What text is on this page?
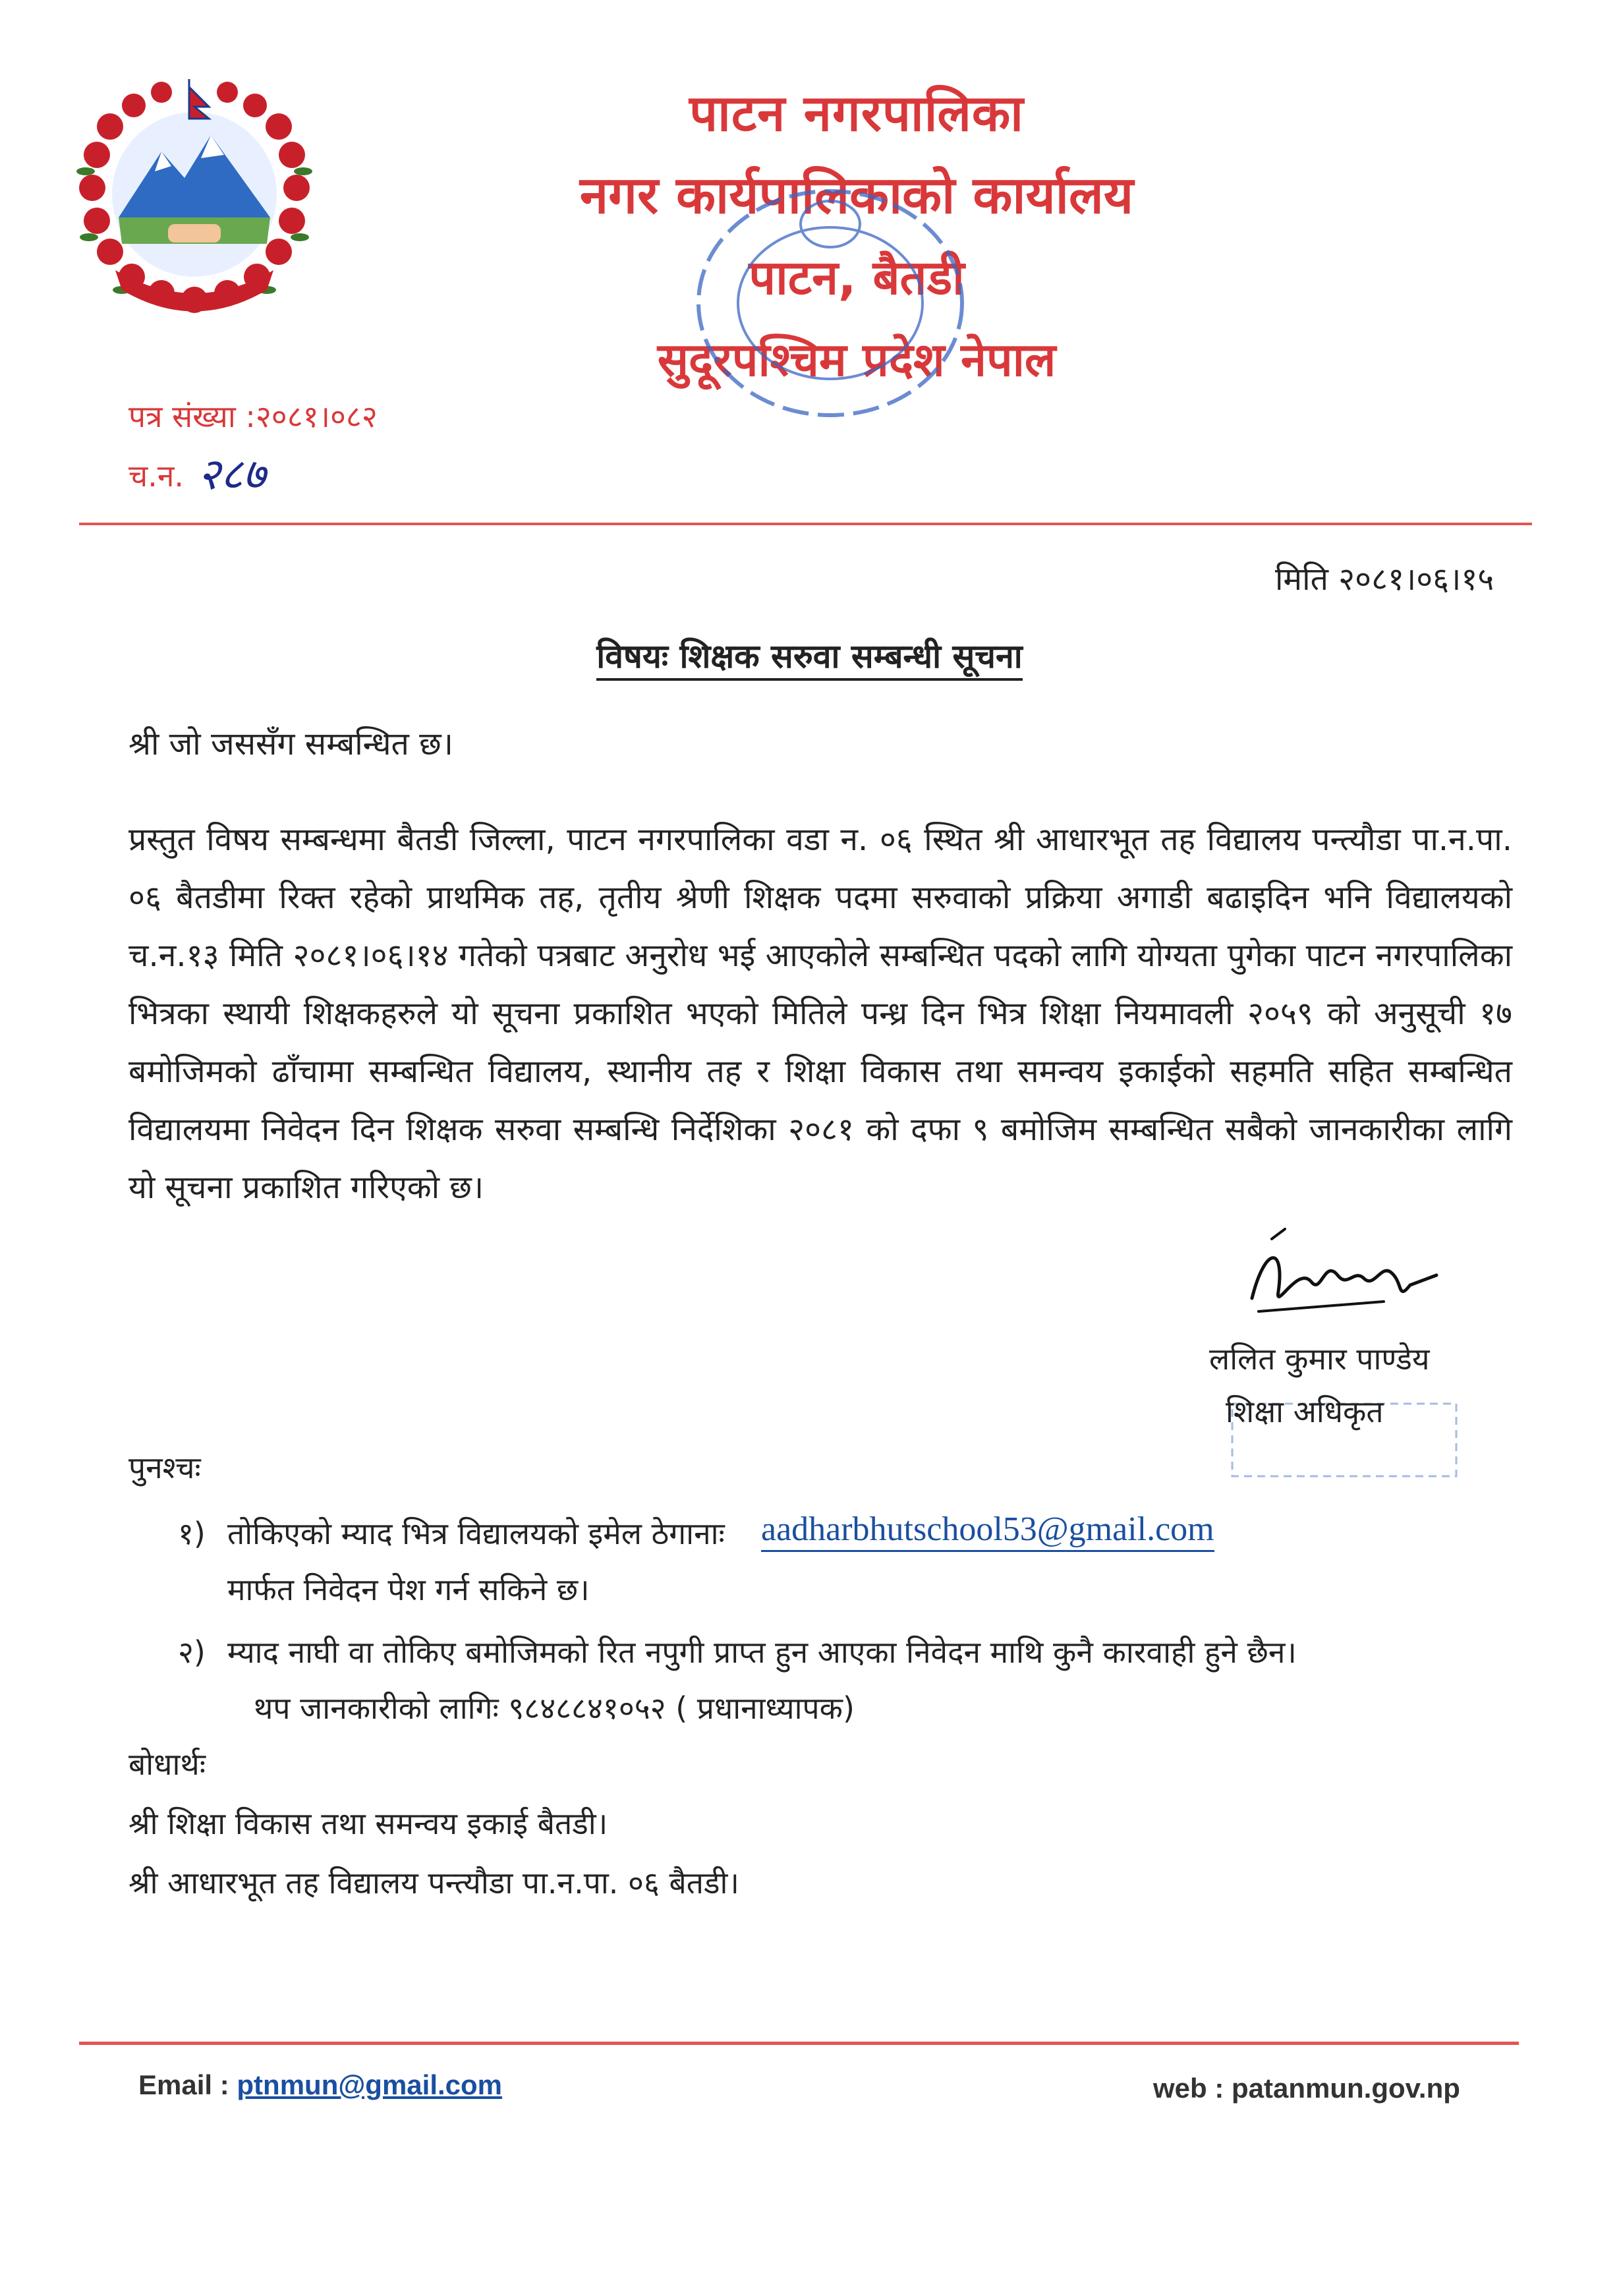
पाटन नगरपालिका
नगर कार्यपालिकाको कार्यालय
पाटन, बैतडी
सुदूरपश्चिम प्रदेश नेपाल
पत्र संख्या :२०८१।०८२
च.न. २८७
मिति २०८१।०६।१५
विषयः शिक्षक सरुवा सम्बन्धी सूचना
श्री जो जससँग सम्बन्धित छ।
प्रस्तुत विषय सम्बन्धमा बैतडी जिल्ला, पाटन नगरपालिका वडा न. ०६ स्थित श्री आधारभूत तह विद्यालय पन्त्यौडा पा.न.पा. ०६ बैतडीमा रिक्त रहेको प्राथमिक तह, तृतीय श्रेणी शिक्षक पदमा सरुवाको प्रक्रिया अगाडी बढाइदिन भनि विद्यालयको च.न.१३ मिति २०८१।०६।१४ गतेको पत्रबाट अनुरोध भई आएकोले सम्बन्धित पदको लागि योग्यता पुगेका पाटन नगरपालिका भित्रका स्थायी शिक्षकहरुले यो सूचना प्रकाशित भएको मितिले पन्ध्र दिन भित्र शिक्षा नियमावली २०५९ को अनुसूची १७ बमोजिमको ढाँचामा सम्बन्धित विद्यालय, स्थानीय तह र शिक्षा विकास तथा समन्वय इकाईको सहमति सहित सम्बन्धित विद्यालयमा निवेदन दिन शिक्षक सरुवा सम्बन्धि निर्देशिका २०८१ को दफा ९ बमोजिम सम्बन्धित सबैको जानकारीका लागि यो सूचना प्रकाशित गरिएको छ।
ललित कुमार पाण्डेय
शिक्षा अधिकृत
पुनश्चः
१) तोकिएको म्याद भित्र विद्यालयको इमेल ठेगानाः aadharbhutschool53@gmail.com
मार्फत निवेदन पेश गर्न सकिने छ।
२) म्याद नाघी वा तोकिए बमोजिमको रित नपुगी प्राप्त हुन आएका निवेदन माथि कुनै कारवाही हुने छैन।
थप जानकारीको लागिः ९८४८८४१०५२ ( प्रधानाध्यापक)
बोधार्थः
श्री शिक्षा विकास तथा समन्वय इकाई बैतडी।
श्री आधारभूत तह विद्यालय पन्त्यौडा पा.न.पा. ०६ बैतडी।
Email : ptnmun@gmail.com	web : patanmun.gov.np
